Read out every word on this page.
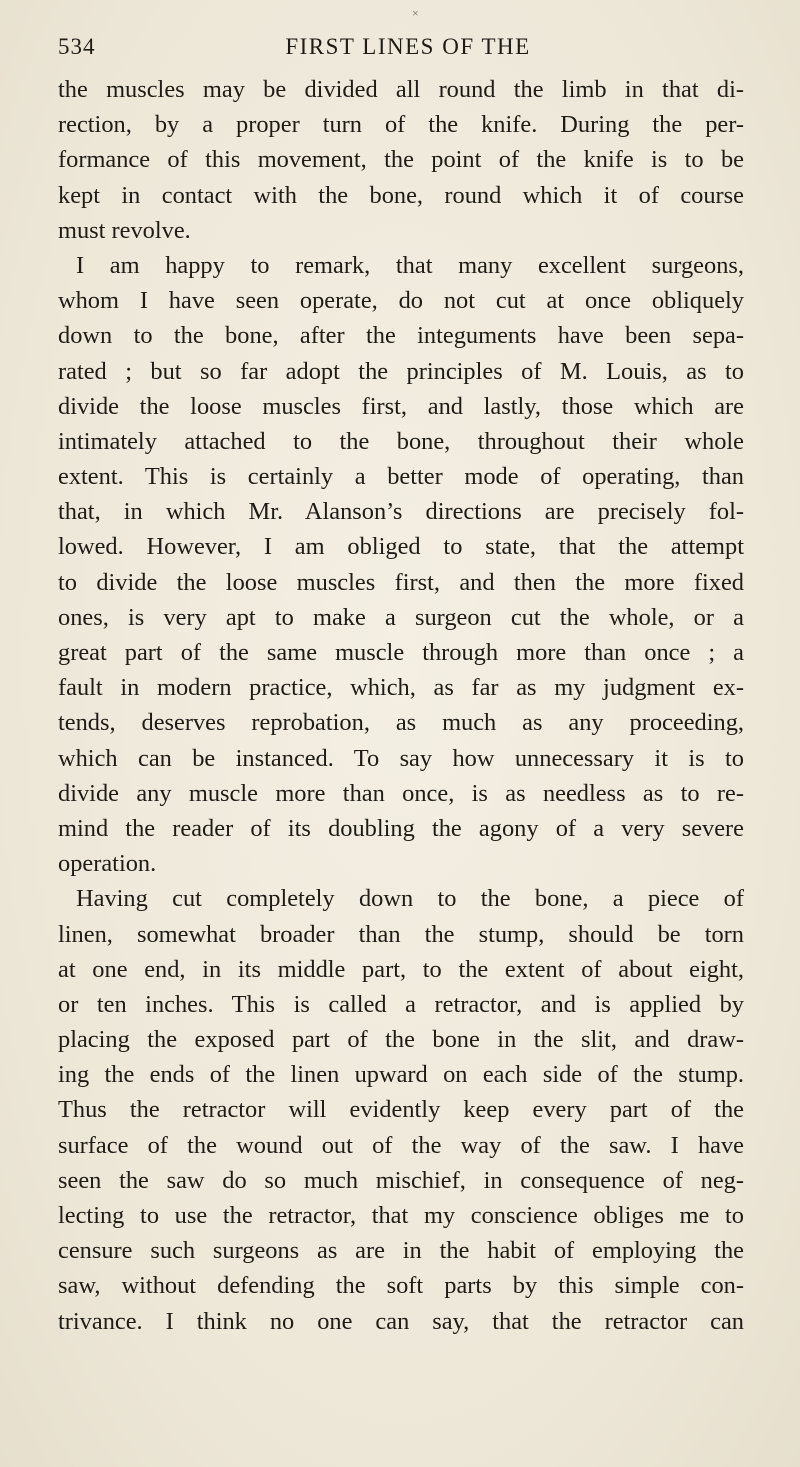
×
534	FIRST LINES OF THE
the muscles may be divided all round the limb in that di-
rection, by a proper turn of the knife. During the per-
formance of this movement, the point of the knife is to be
kept in contact with the bone, round which it of course
must revolve.
I am happy to remark, that many excellent surgeons,
whom I have seen operate, do not cut at once obliquely
down to the bone, after the integuments have been sepa-
rated ; but so far adopt the principles of M. Louis, as to
divide the loose muscles first, and lastly, those which are
intimately attached to the bone, throughout their whole
extent. This is certainly a better mode of operating, than
that, in which Mr. Alanson’s directions are precisely fol-
lowed. However, I am obliged to state, that the attempt
to divide the loose muscles first, and then the more fixed
ones, is very apt to make a surgeon cut the whole, or a
great part of the same muscle through more than once ; a
fault in modern practice, which, as far as my judgment ex-
tends, deserves reprobation, as much as any proceeding,
which can be instanced. To say how unnecessary it is to
divide any muscle more than once, is as needless as to re-
mind the reader of its doubling the agony of a very severe
operation.
Having cut completely down to the bone, a piece of
linen, somewhat broader than the stump, should be torn
at one end, in its middle part, to the extent of about eight,
or ten inches. This is called a retractor, and is applied by
placing the exposed part of the bone in the slit, and draw-
ing the ends of the linen upward on each side of the stump.
Thus the retractor will evidently keep every part of the
surface of the wound out of the way of the saw. I have
seen the saw do so much mischief, in consequence of neg-
lecting to use the retractor, that my conscience obliges me to
censure such surgeons as are in the habit of employing the
saw, without defending the soft parts by this simple con-
trivance. I think no one can say, that the retractor can
